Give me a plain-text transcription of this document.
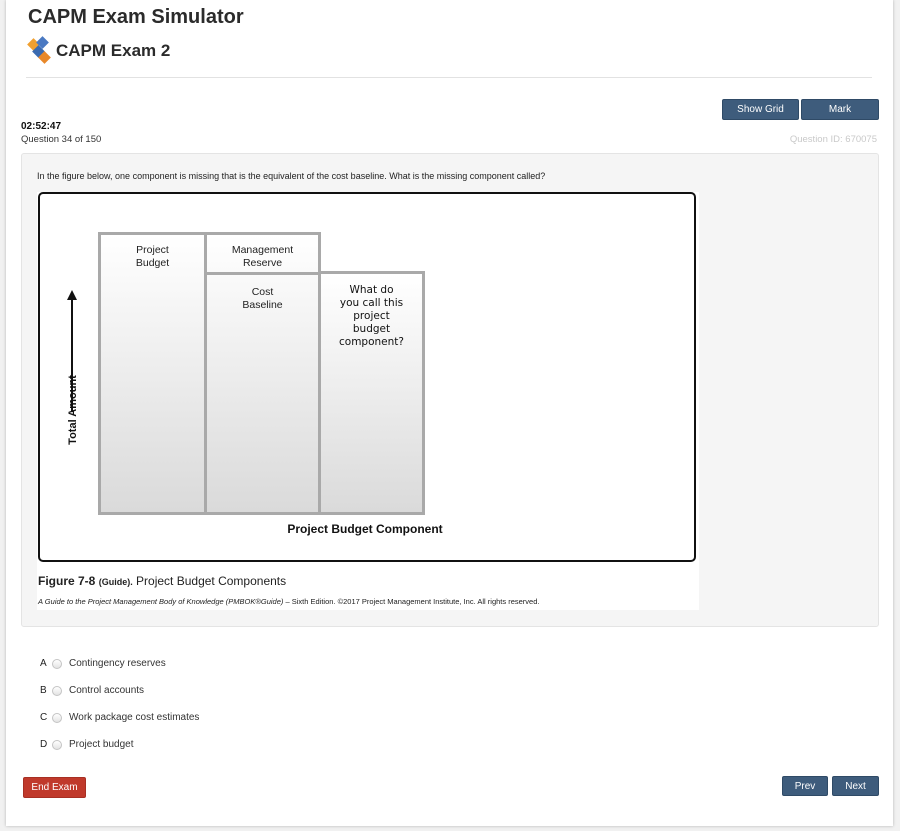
CAPM Exam Simulator
CAPM Exam 2
Show Grid	Mark
02:52:47
Question 34 of 150	Question ID: 670075
In the figure below, one component is missing that is the equivalent of the cost baseline. What is the missing component called?
Project
Budget
Management
Reserve
Cost
Baseline
What do
you call this
project
budget
component?
Total Amount
Project Budget Component
Figure 7-8 (Guide). Project Budget Components
A Guide to the Project Management Body of Knowledge (PMBOK®Guide) – Sixth Edition. ©2017 Project Management Institute, Inc. All rights reserved.
A	Contingency reserves
B	Control accounts
C	Work package cost estimates
D	Project budget
End Exam	Prev	Next
